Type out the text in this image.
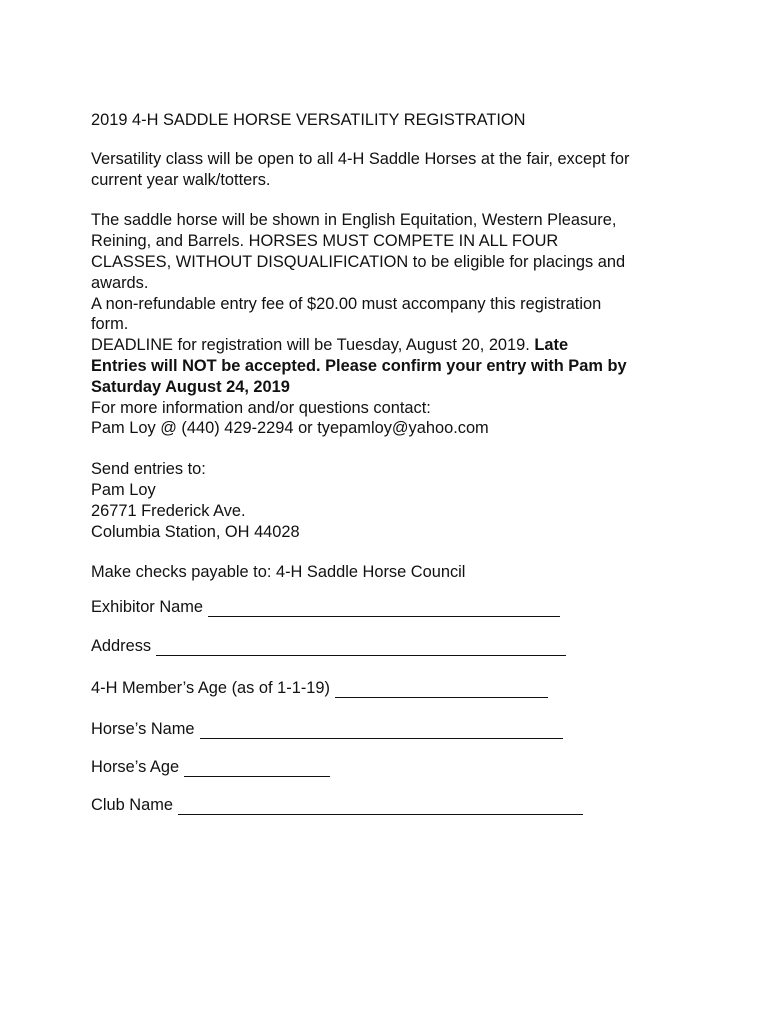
2019 4-H SADDLE HORSE VERSATILITY REGISTRATION
Versatility class will be open to all 4-H Saddle Horses at the fair, except for
current year walk/totters.
The saddle horse will be shown in English Equitation, Western Pleasure,
Reining, and Barrels. HORSES MUST COMPETE IN ALL FOUR
CLASSES, WITHOUT DISQUALIFICATION to be eligible for placings and
awards.
A non-refundable entry fee of $20.00 must accompany this registration
form.
DEADLINE for registration will be Tuesday, August 20, 2019. Late
Entries will NOT be accepted. Please confirm your entry with Pam by
Saturday August 24, 2019
For more information and/or questions contact:
Pam Loy @ (440) 429-2294 or tyepamloy@yahoo.com
Send entries to:
Pam Loy
26771 Frederick Ave.
Columbia Station, OH 44028
Make checks payable to: 4-H Saddle Horse Council
Exhibitor Name
Address
4-H Member’s Age (as of 1-1-19)
Horse’s Name
Horse’s Age
Club Name
